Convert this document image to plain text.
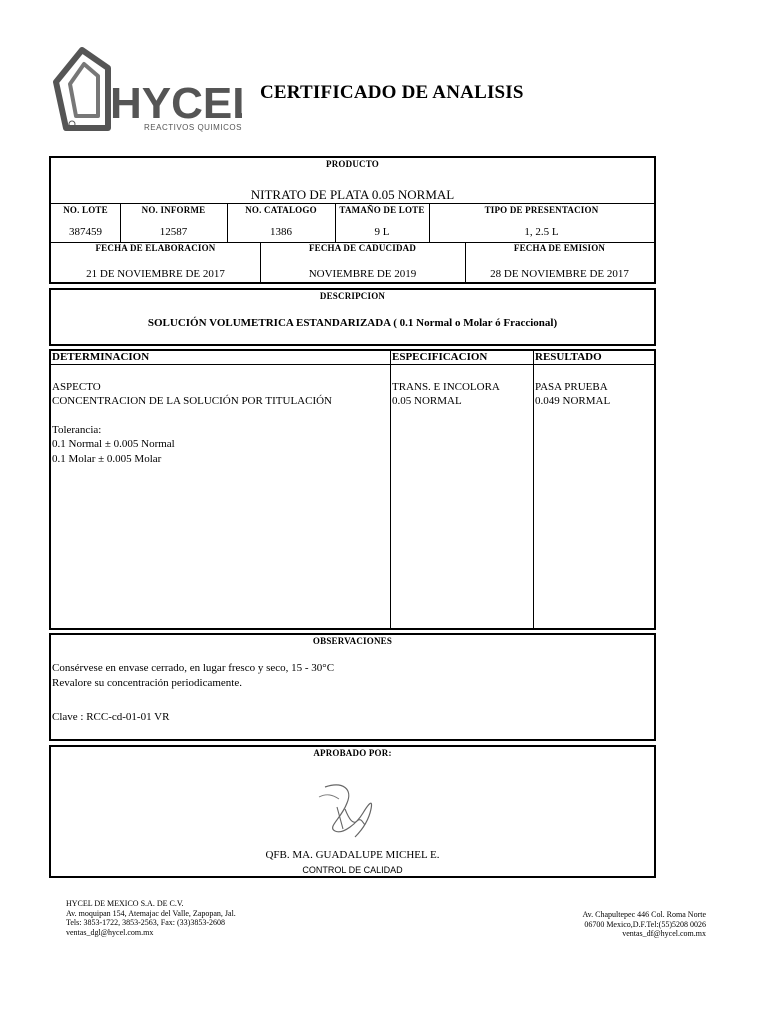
HYCE
REACTIVOS QUIMICOS
CERTIFICADO DE ANALISIS
PRODUCTO
NITRATO DE PLATA 0.05 NORMAL
NO. LOTE
387459
NO. INFORME
12587
NO. CATALOGO
1386
TAMAÑO DE LOTE
9 L
TIPO DE PRESENTACION
1, 2.5 L
FECHA DE ELABORACION
21 DE NOVIEMBRE DE 2017
FECHA DE CADUCIDAD
NOVIEMBRE DE 2019
FECHA DE EMISION
28 DE NOVIEMBRE DE 2017
DESCRIPCION
SOLUCIÓN VOLUMETRICA ESTANDARIZADA ( 0.1 Normal o Molar ó Fraccional)
DETERMINACION	ESPECIFICACION	RESULTADO
ASPECTO
CONCENTRACION DE LA SOLUCIÓN POR TITULACIÓN
TRANS. E INCOLORA
0.05 NORMAL
PASA PRUEBA
0.049 NORMAL
Tolerancia:
0.1 Normal ± 0.005 Normal
0.1 Molar ± 0.005 Molar
OBSERVACIONES
Consérvese en envase cerrado, en lugar fresco y seco, 15 - 30°C
Revalore su concentración periodicamente.
Clave : RCC-cd-01-01 VR
APROBADO POR:
QFB. MA. GUADALUPE MICHEL E.
CONTROL DE CALIDAD
HYCEL DE MEXICO S.A. DE C.V.
Av. moquipan 154, Atemajac del Valle, Zapopan, Jal.
Tels: 3853-1722, 3853-2563, Fax: (33)3853-2608
ventas_dgl@hycel.com.mx
Av. Chapultepec 446 Col. Roma Norte
06700 Mexico,D.F.Tel:(55)5208 0026
ventas_df@hycel.com.mx
